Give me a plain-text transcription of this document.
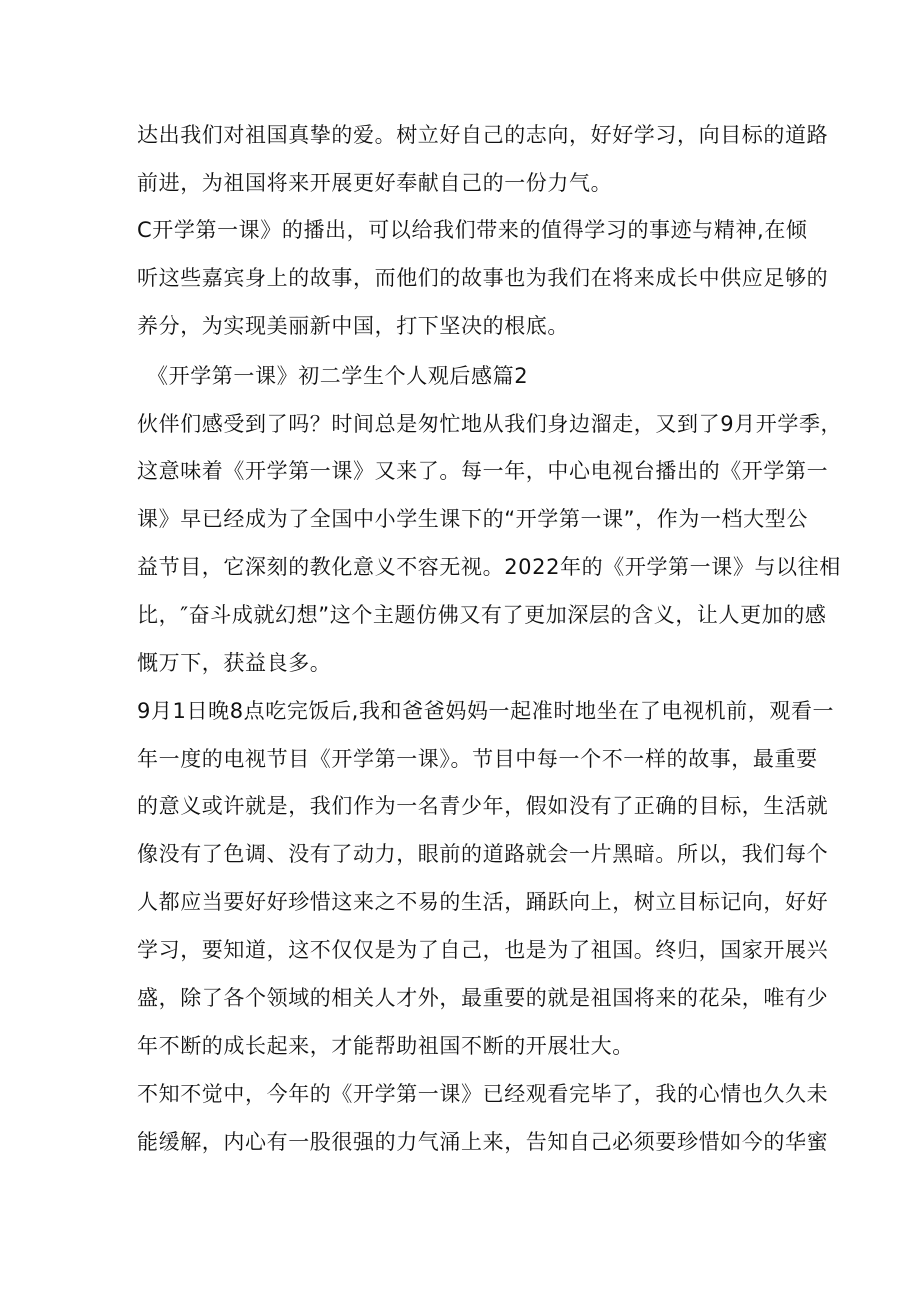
达出我们对祖国真挚的爱。树立好自己的志向，好好学习，向目标的道路
前进，为祖国将来开展更好奉献自己的一份力气。
C开学第一课》的播出，可以给我们带来的值得学习的事迹与精神,在倾
听这些嘉宾身上的故事，而他们的故事也为我们在将来成长中供应足够的
养分，为实现美丽新中国，打下坚决的根底。
《开学第一课》初二学生个人观后感篇2
伙伴们感受到了吗？时间总是匆忙地从我们身边溜走，又到了9月开学季，
这意味着《开学第一课》又来了。每一年，中心电视台播出的《开学第一
课》早已经成为了全国中小学生课下的“开学第一课”，作为一档大型公
益节目，它深刻的教化意义不容无视。2022年的《开学第一课》与以往相
比，″奋斗成就幻想”这个主题仿佛又有了更加深层的含义，让人更加的感
慨万下，获益良多。
9月1日晚8点吃完饭后,我和爸爸妈妈一起准时地坐在了电视机前，观看一
年一度的电视节目《开学第一课》。节目中每一个不一样的故事，最重要
的意义或许就是，我们作为一名青少年，假如没有了正确的目标，生活就
像没有了色调、没有了动力，眼前的道路就会一片黑暗。所以，我们每个
人都应当要好好珍惜这来之不易的生活，踊跃向上，树立目标记向，好好
学习，要知道，这不仅仅是为了自己，也是为了祖国。终归，国家开展兴
盛，除了各个领域的相关人才外，最重要的就是祖国将来的花朵，唯有少
年不断的成长起来，才能帮助祖国不断的开展壮大。
不知不觉中，今年的《开学第一课》已经观看完毕了，我的心情也久久未
能缓解，内心有一股很强的力气涌上来，告知自己必须要珍惜如今的华蜜
